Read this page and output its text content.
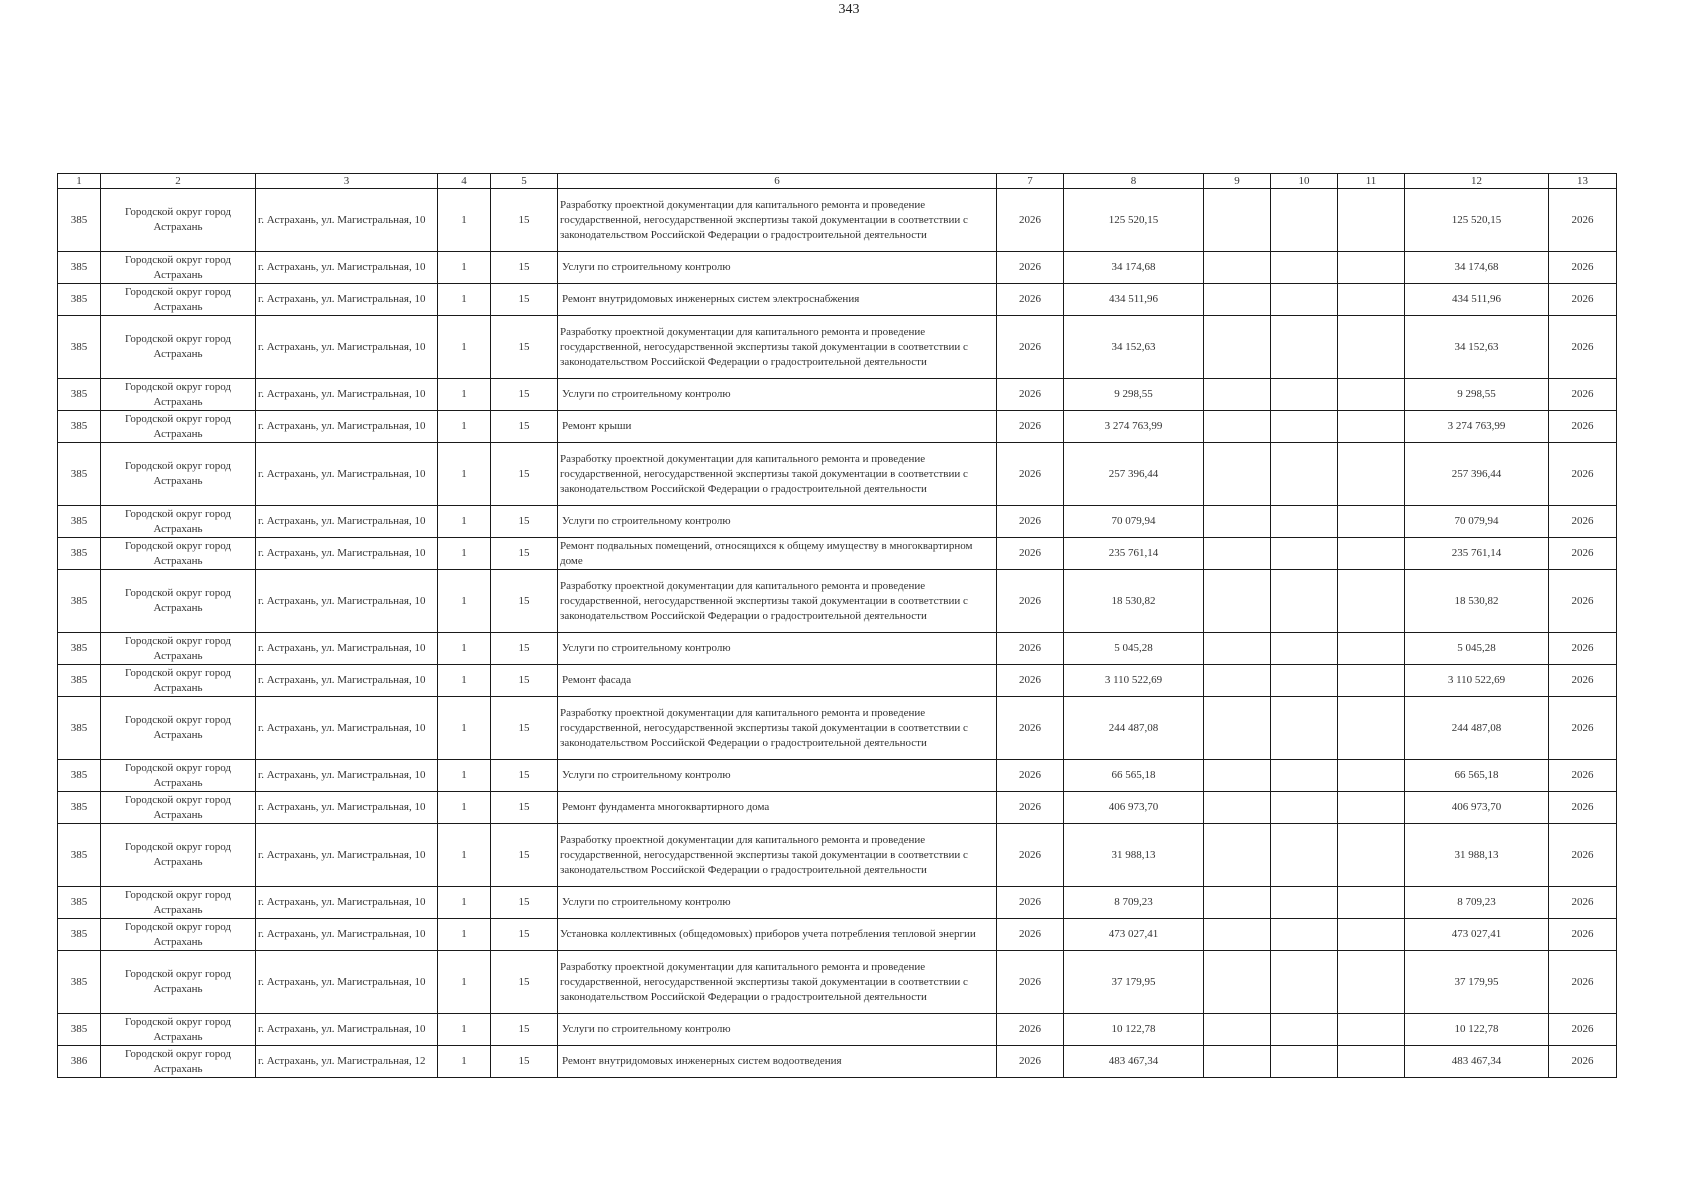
343
1	2	3	4	5	6	7	8	9	10	11	12	13
385	Городской округ город Астрахань	г. Астрахань, ул. Магистральная, 10	1	15	Разработку проектной документации для капитального ремонта и проведение государственной, негосударственной экспертизы такой документации в соответствии с законодательством Российской Федерации о градостроительной деятельности	2026	125 520,15				125 520,15	2026
385	Городской округ город Астрахань	г. Астрахань, ул. Магистральная, 10	1	15	Услуги по строительному контролю	2026	34 174,68				34 174,68	2026
385	Городской округ город Астрахань	г. Астрахань, ул. Магистральная, 10	1	15	Ремонт внутридомовых инженерных систем электроснабжения	2026	434 511,96				434 511,96	2026
385	Городской округ город Астрахань	г. Астрахань, ул. Магистральная, 10	1	15	Разработку проектной документации для капитального ремонта и проведение государственной, негосударственной экспертизы такой документации в соответствии с законодательством Российской Федерации о градостроительной деятельности	2026	34 152,63				34 152,63	2026
385	Городской округ город Астрахань	г. Астрахань, ул. Магистральная, 10	1	15	Услуги по строительному контролю	2026	9 298,55				9 298,55	2026
385	Городской округ город Астрахань	г. Астрахань, ул. Магистральная, 10	1	15	Ремонт крыши	2026	3 274 763,99				3 274 763,99	2026
385	Городской округ город Астрахань	г. Астрахань, ул. Магистральная, 10	1	15	Разработку проектной документации для капитального ремонта и проведение государственной, негосударственной экспертизы такой документации в соответствии с законодательством Российской Федерации о градостроительной деятельности	2026	257 396,44				257 396,44	2026
385	Городской округ город Астрахань	г. Астрахань, ул. Магистральная, 10	1	15	Услуги по строительному контролю	2026	70 079,94				70 079,94	2026
385	Городской округ город Астрахань	г. Астрахань, ул. Магистральная, 10	1	15	Ремонт подвальных помещений, относящихся к общему имуществу в многоквартирном доме	2026	235 761,14				235 761,14	2026
385	Городской округ город Астрахань	г. Астрахань, ул. Магистральная, 10	1	15	Разработку проектной документации для капитального ремонта и проведение государственной, негосударственной экспертизы такой документации в соответствии с законодательством Российской Федерации о градостроительной деятельности	2026	18 530,82				18 530,82	2026
385	Городской округ город Астрахань	г. Астрахань, ул. Магистральная, 10	1	15	Услуги по строительному контролю	2026	5 045,28				5 045,28	2026
385	Городской округ город Астрахань	г. Астрахань, ул. Магистральная, 10	1	15	Ремонт фасада	2026	3 110 522,69				3 110 522,69	2026
385	Городской округ город Астрахань	г. Астрахань, ул. Магистральная, 10	1	15	Разработку проектной документации для капитального ремонта и проведение государственной, негосударственной экспертизы такой документации в соответствии с законодательством Российской Федерации о градостроительной деятельности	2026	244 487,08				244 487,08	2026
385	Городской округ город Астрахань	г. Астрахань, ул. Магистральная, 10	1	15	Услуги по строительному контролю	2026	66 565,18				66 565,18	2026
385	Городской округ город Астрахань	г. Астрахань, ул. Магистральная, 10	1	15	Ремонт фундамента многоквартирного дома	2026	406 973,70				406 973,70	2026
385	Городской округ город Астрахань	г. Астрахань, ул. Магистральная, 10	1	15	Разработку проектной документации для капитального ремонта и проведение государственной, негосударственной экспертизы такой документации в соответствии с законодательством Российской Федерации о градостроительной деятельности	2026	31 988,13				31 988,13	2026
385	Городской округ город Астрахань	г. Астрахань, ул. Магистральная, 10	1	15	Услуги по строительному контролю	2026	8 709,23				8 709,23	2026
385	Городской округ город Астрахань	г. Астрахань, ул. Магистральная, 10	1	15	Установка коллективных (общедомовых) приборов учета потребления тепловой энергии	2026	473 027,41				473 027,41	2026
385	Городской округ город Астрахань	г. Астрахань, ул. Магистральная, 10	1	15	Разработку проектной документации для капитального ремонта и проведение государственной, негосударственной экспертизы такой документации в соответствии с законодательством Российской Федерации о градостроительной деятельности	2026	37 179,95				37 179,95	2026
385	Городской округ город Астрахань	г. Астрахань, ул. Магистральная, 10	1	15	Услуги по строительному контролю	2026	10 122,78				10 122,78	2026
386	Городской округ город Астрахань	г. Астрахань, ул. Магистральная, 12	1	15	Ремонт внутридомовых инженерных систем водоотведения	2026	483 467,34				483 467,34	2026
